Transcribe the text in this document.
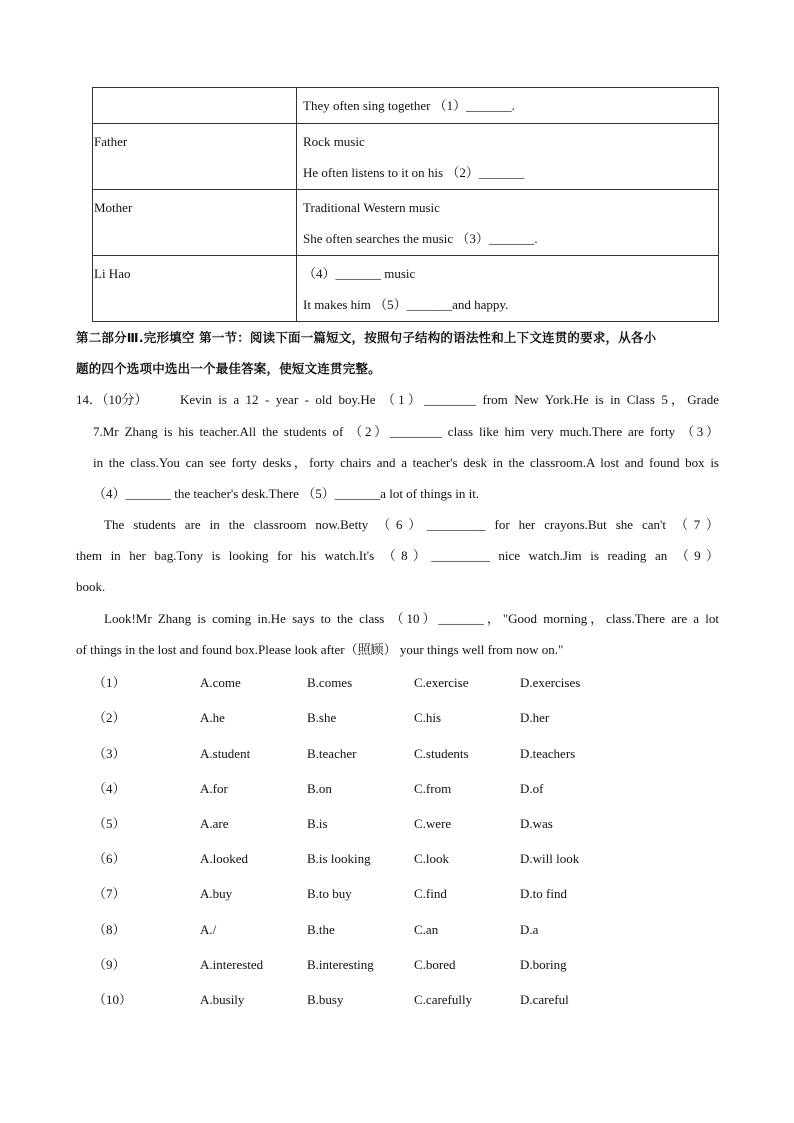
	They often sing together （1）_______.

Father	Rock music

He often listens to it on his （2）_______

Mother	Traditional Western music

She often searches the music （3）_______.

Li Hao	（4）_______ music

It makes him （5）_______and happy.

第二部分Ⅲ.完形填空 第一节：阅读下面一篇短文，按照句子结构的语法性和上下文连贯的要求，从各小
题的四个选项中选出一个最佳答案，使短文连贯完整。
14．（10分） Kevin is a 12 - year - old boy.He （1）________ from New York.He is in Class 5，Grade
7.Mr Zhang is his teacher.All the students of （2）________ class like him very much.There are forty （3）
in the class.You can see forty desks，forty chairs and a teacher's desk in the classroom.A lost and found box is
（4）_______ the teacher's desk.There （5）_______a lot of things in it.
The students are in the classroom now.Betty （6）_________ for her crayons.But she can't （7）
them in her bag.Tony is looking for his watch.It's （8）_________ nice watch.Jim is reading an （9）
book.
Look!Mr Zhang is coming in.He says to the class （10）_______，"Good morning，class.There are a lot
of things in the lost and found box.Please look after（照顾） your things well from now on."
（1）	A.come	B.comes	C.exercise	D.exercises
（2）	A.he	B.she	C.his	D.her
（3）	A.student	B.teacher	C.students	D.teachers
（4）	A.for	B.on	C.from	D.of
（5）	A.are	B.is	C.were	D.was
（6）	A.looked	B.is looking	C.look	D.will look
（7）	A.buy	B.to buy	C.find	D.to find
（8）	A./	B.the	C.an	D.a
（9）	A.interested	B.interesting	C.bored	D.boring
（10）	A.busily	B.busy	C.carefully	D.careful
